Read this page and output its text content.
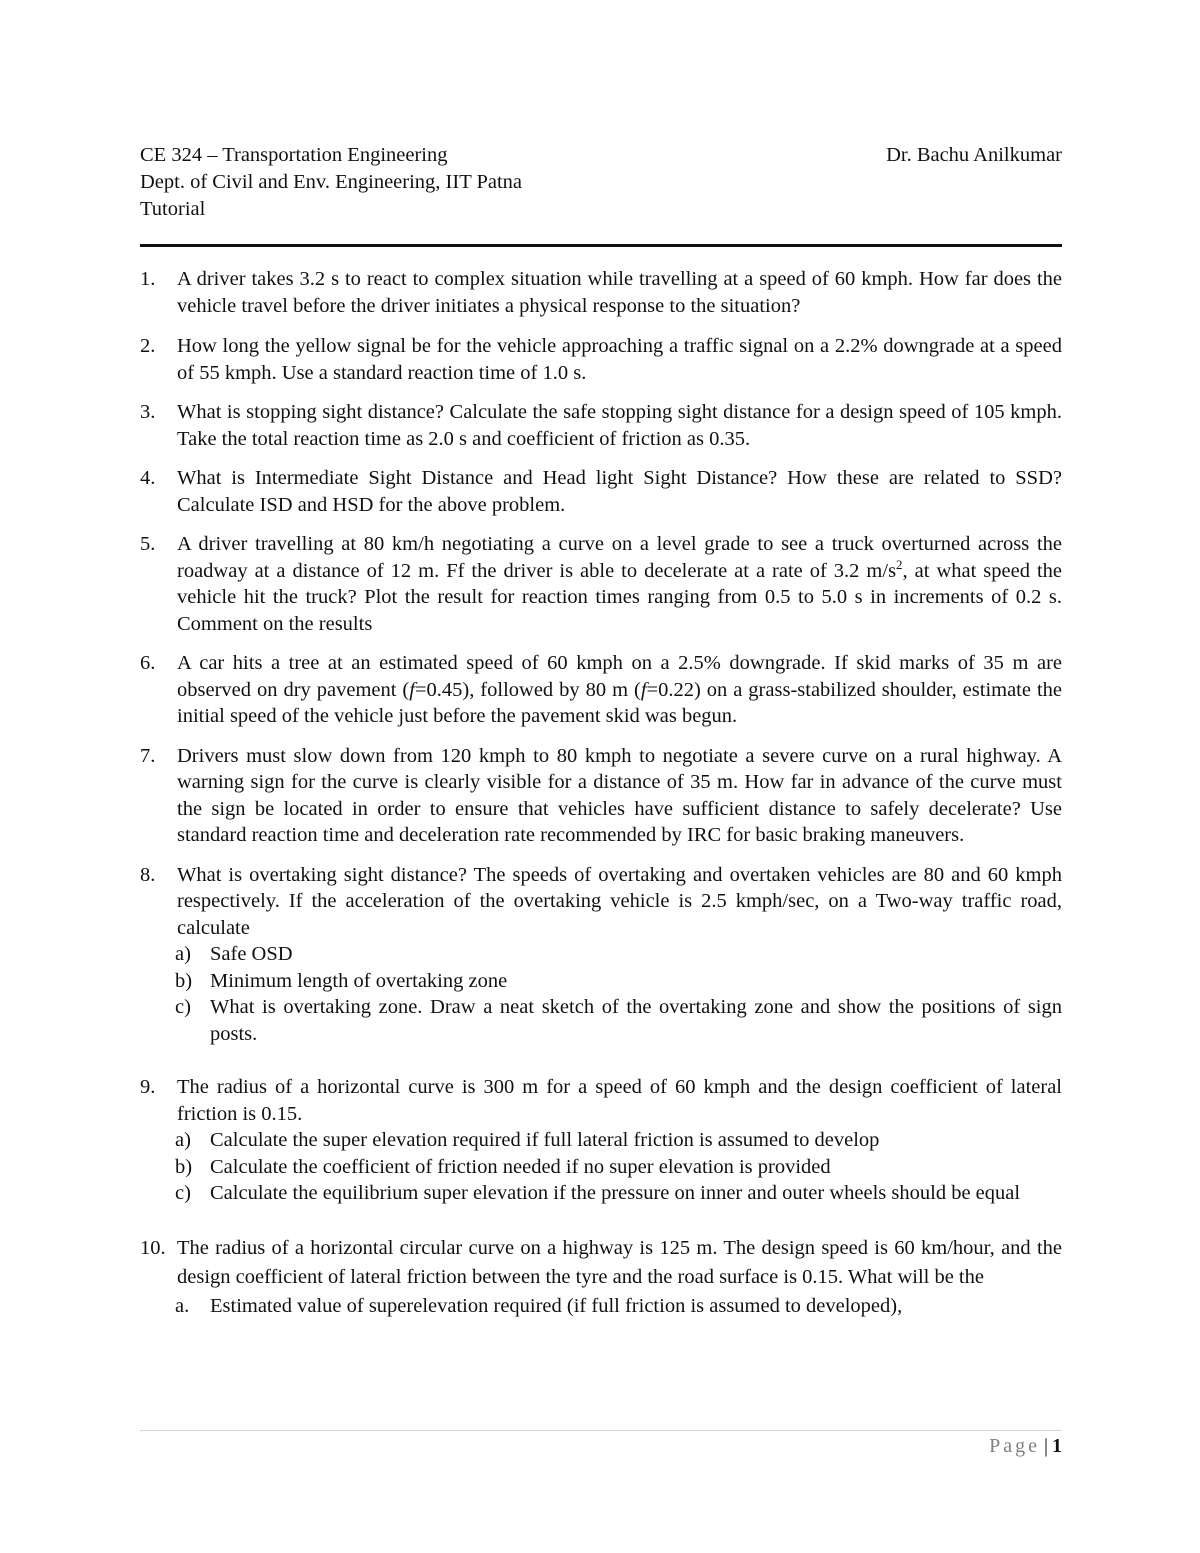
CE 324 – Transportation Engineering	Dr. Bachu Anilkumar
Dept. of Civil and Env. Engineering, IIT Patna
Tutorial
1. A driver takes 3.2 s to react to complex situation while travelling at a speed of 60 kmph. How far does the vehicle travel before the driver initiates a physical response to the situation?
2. How long the yellow signal be for the vehicle approaching a traffic signal on a 2.2% downgrade at a speed of 55 kmph. Use a standard reaction time of 1.0 s.
3. What is stopping sight distance? Calculate the safe stopping sight distance for a design speed of 105 kmph. Take the total reaction time as 2.0 s and coefficient of friction as 0.35.
4. What is Intermediate Sight Distance and Head light Sight Distance? How these are related to SSD? Calculate ISD and HSD for the above problem.
5. A driver travelling at 80 km/h negotiating a curve on a level grade to see a truck overturned across the roadway at a distance of 12 m. Ff the driver is able to decelerate at a rate of 3.2 $m/s^2$, at what speed the vehicle hit the truck? Plot the result for reaction times ranging from 0.5 to 5.0 s in increments of 0.2 s. Comment on the results
6. A car hits a tree at an estimated speed of 60 kmph on a 2.5% downgrade. If skid marks of 35 m are observed on dry pavement (f=0.45), followed by 80 m (f=0.22) on a grass-stabilized shoulder, estimate the initial speed of the vehicle just before the pavement skid was begun.
7. Drivers must slow down from 120 kmph to 80 kmph to negotiate a severe curve on a rural highway. A warning sign for the curve is clearly visible for a distance of 35 m. How far in advance of the curve must the sign be located in order to ensure that vehicles have sufficient distance to safely decelerate? Use standard reaction time and deceleration rate recommended by IRC for basic braking maneuvers.
8. What is overtaking sight distance? The speeds of overtaking and overtaken vehicles are 80 and 60 kmph respectively. If the acceleration of the overtaking vehicle is 2.5 kmph/sec, on a Two-way traffic road, calculate
a) Safe OSD
b) Minimum length of overtaking zone
c) What is overtaking zone. Draw a neat sketch of the overtaking zone and show the positions of sign posts.
9. The radius of a horizontal curve is 300 m for a speed of 60 kmph and the design coefficient of lateral friction is 0.15.
a) Calculate the super elevation required if full lateral friction is assumed to develop
b) Calculate the coefficient of friction needed if no super elevation is provided
c) Calculate the equilibrium super elevation if the pressure on inner and outer wheels should be equal
10. The radius of a horizontal circular curve on a highway is 125 m. The design speed is 60 km/hour, and the design coefficient of lateral friction between the tyre and the road surface is 0.15. What will be the
a. Estimated value of superelevation required (if full friction is assumed to developed),
Page | 1
